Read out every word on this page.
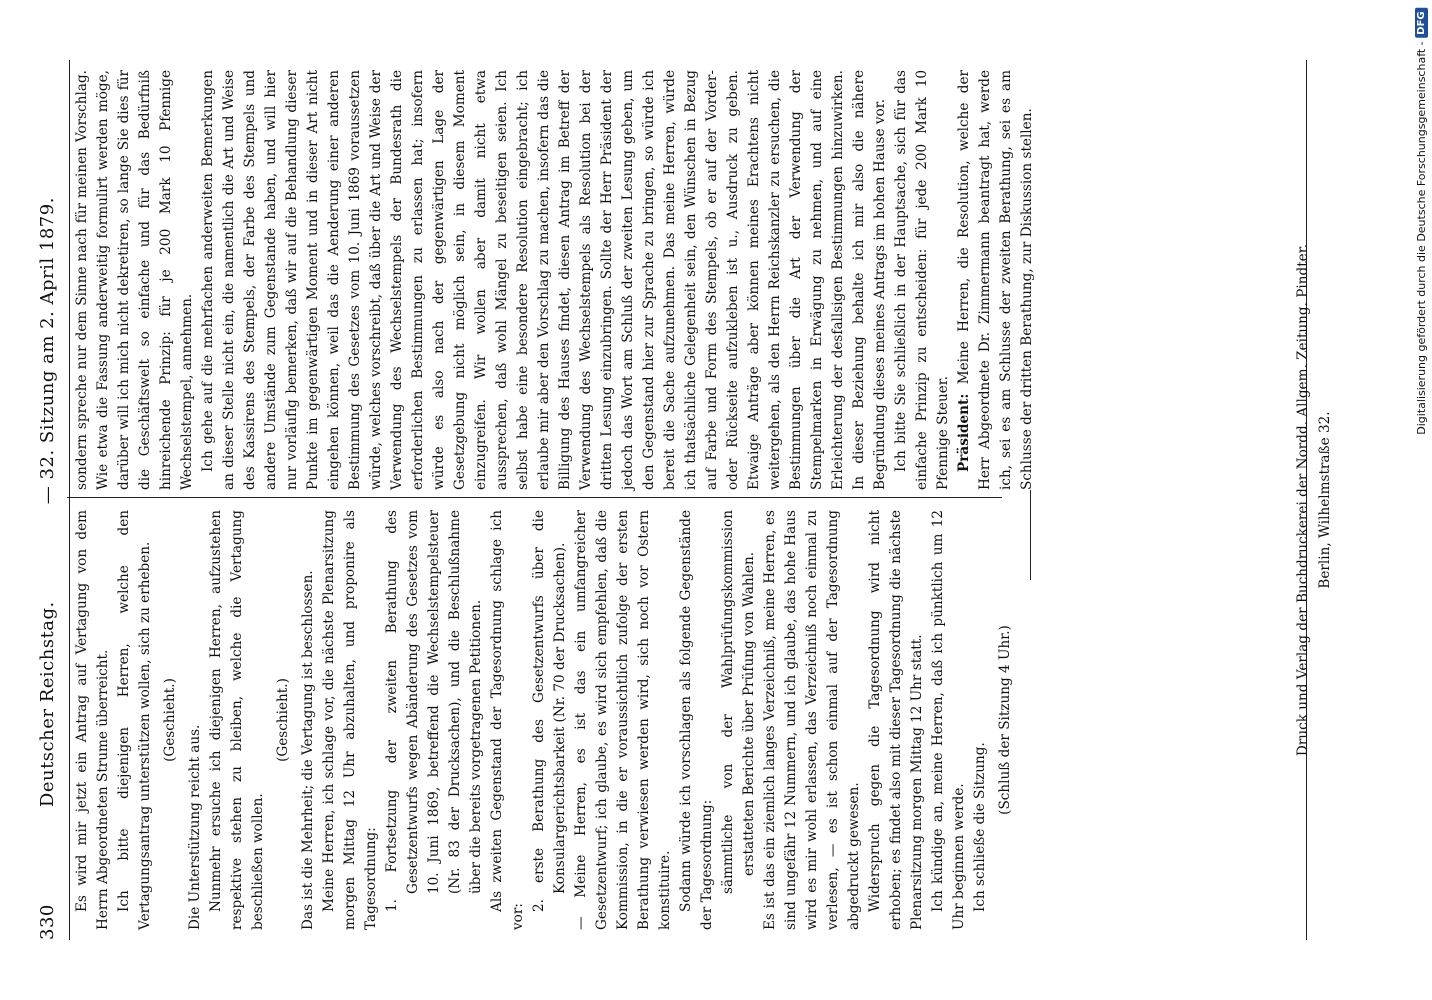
330
Deutscher Reichstag.
— 32. Sitzung am 2. April 1879. sondern spreche nur dem Sinne nach für meinen Vorschlag. Wie etwa die Fassung anderweitig formulirt werden möge, darüber will ich mich nicht dekretiren, so lange Sie dies für die Geschäftswelt so einfache und für das Bedürfniß hinreichende Prinzip: für je 200 Mark 10 Pfennige Wechselstempel, annehmen. Ich gehe auf die mehrfachen anderweiten Bemerkungen an dieser Stelle nicht ein, die namentlich die Art und Weise des Kassirens des Stempels, der Farbe des Stempels und andere Umstände zum Gegenstande haben, und will hier nur vorläufig bemerken, daß wir auf die Behandlung dieser Punkte im gegenwärtigen Moment und in dieser Art nicht eingehen können, weil das die Aenderung einer anderen Bestimmung des Gesetzes vom 10. Juni 1869 voraussetzen würde, welches vorschreibt, daß über die Art und Weise der Verwendung des Wechselstempels der Bundesrath die erforderlichen Bestimmungen zu erlassen hat; insofern würde es also nach der gegenwärtigen Lage der Gesetzgebung nicht möglich sein, in diesem Moment einzugreifen. Wir wollen aber damit nicht etwa aussprechen, daß wohl Mängel zu beseitigen seien. Ich selbst habe eine besondere Resolution eingebracht; ich erlaube mir aber den Vorschlag zu machen, insofern das die Billigung des Hauses findet, diesen Antrag im Betreff der Verwendung des Wechselstempels als Resolution bei der dritten Lesung einzubringen. Sollte der Herr Präsident der jedoch das Wort am Schluß der zweiten Lesung geben, um den Gegenstand hier zur Sprache zu bringen, so würde ich bereit die Sache aufzunehmen. Das meine Herren, würde ich thatsächliche Gelegenheit sein, den Wünschen in Bezug auf Farbe und Form des Stempels, ob er auf der Vorder- oder Rückseite aufzukleben ist u., Ausdruck zu geben. Etwaige Anträge aber können meines Erachtens nicht weitergehen, als den Herrn Reichskanzler zu ersuchen, die Bestimmungen über die Art der Verwendung der Stempelmarken in Erwägung zu nehmen, und auf eine Erleichterung der desfallsigen Bestimmungen hinzuwirken. In dieser Beziehung behalte ich mir also die nähere Begründung dieses meines Antrags im hohen Hause vor. Ich bitte Sie schließlich in der Hauptsache, sich für das einfache Prinzip zu entscheiden: für jede 200 Mark 10 Pfennige Steuer. Präsident: Meine Herren, die Resolution, welche der Herr Abgeordnete Dr. Zimmermann beantragt hat, werde ich, sei es am Schlusse der zweiten Berathung, sei es am Schlusse der dritten Berathung, zur Diskussion stellen.

Es wird mir jetzt ein Antrag auf Vertagung von dem Herrn Abgeordneten Strume überreicht. Ich bitte diejenigen Herren, welche den Vertagungsantrag unterstützen wollen, sich zu erheben. (Geschieht.)

Die Unterstützung reicht aus. Nunmehr ersuche ich diejenigen Herren, aufzustehen respektive stehen zu bleiben, welche die Vertagung beschließen wollen.

(Geschieht.) Das ist die Mehrheit; die Vertagung ist beschlossen. Meine Herren, ich schlage vor, die nächste Plenarsitzung morgen Mittag 12 Uhr abzuhalten, und proponire als Tagesordnung: 1. Fortsetzung der zweiten Berathung des Gesetzentwurfs wegen Abänderung des Gesetzes vom 10. Juni 1869, betreffend die Wechselstempelsteuer (Nr. 83 der Drucksachen), und die Beschlußnahme über die bereits vorgetragenen Petitionen. Als zweiten Gegenstand der Tagesordnung schlage ich vor:

2. erste Berathung des Gesetzentwurfs über die Konsulargerichtsbarkeit (Nr. 70 der Drucksachen). — Meine Herren, es ist das ein umfangreicher Gesetzentwurf; ich glaube, es wird sich empfehlen, daß die Kommission, in die er voraussichtlich zufolge der ersten Berathung verwiesen werden wird, sich noch vor Ostern konstituire. Sodann würde ich vorschlagen als folgende Gegenstände der Tagesordnung: sämmtliche von der Wahlprüfungskommission erstatteten Berichte über Prüfung von Wahlen. Es ist das ein ziemlich langes Verzeichniß, meine Herren, es sind ungefähr 12 Nummern, und ich glaube, das hohe Haus wird es mir wohl erlassen, das Verzeichniß noch einmal zu verlesen, — es ist schon einmal auf der Tagesordnung abgedruckt gewesen. Widerspruch gegen die Tagesordnung wird nicht erhoben; es findet also mit dieser Tagesordnung die nächste Plenarsitzung morgen Mittag 12 Uhr statt. Ich kündige an, meine Herren, daß ich pünktlich um 12 Uhr beginnen werde. Ich schließe die Sitzung.

(Schluß der Sitzung 4 Uhr.)	Druck und Verlag der Buchdruckerei der Nordd. Allgem. Zeitung. Pindter. Berlin, Wilhelmstraße 32.
Digitalisierung gefördert durch die Deutsche Forschungsgemeinschaft -
DFG
